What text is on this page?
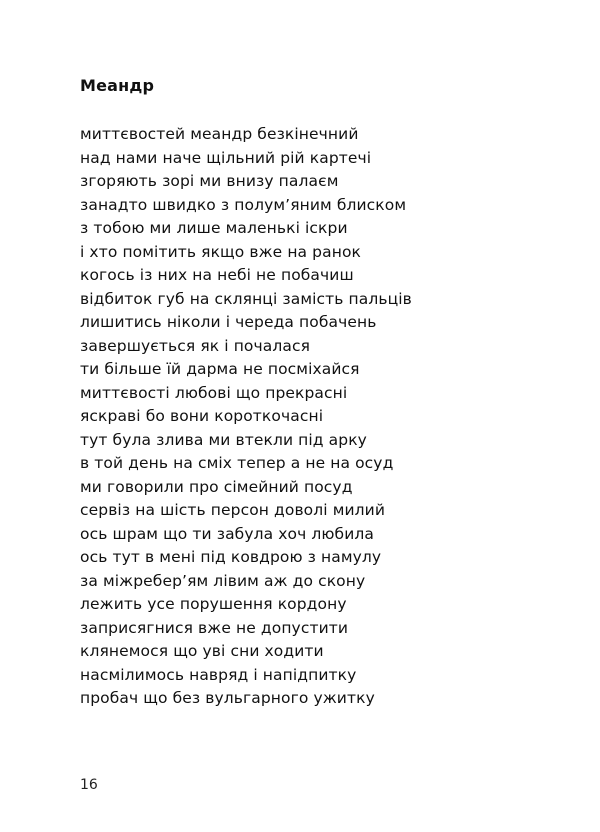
Меандр
миттєвостей меандр безкінечний
над нами наче щільний рій картечі
згоряють зорі ми внизу палаєм
занадто швидко з полум’яним блиском
з тобою ми лише маленькі іскри
і хто помітить якщо вже на ранок
когось із них на небі не побачиш
відбиток губ на склянці замість пальців
лишитись ніколи і череда побачень
завершується як і почалася
ти більше їй дарма не посміхайся
миттєвості любові що прекрасні
яскраві бо вони короткочасні
тут була злива ми втекли під арку
в той день на сміх тепер а не на осуд
ми говорили про сімейний посуд
сервіз на шість персон доволі милий
ось шрам що ти забула хоч любила
ось тут в мені під ковдрою з намулу
за міжребер’ям лівим аж до скону
лежить усе порушення кордону
заприсягнися вже не допустити
клянемося що уві сни ходити
насмілимось навряд і напідпитку
пробач що без вульгарного ужитку
16
